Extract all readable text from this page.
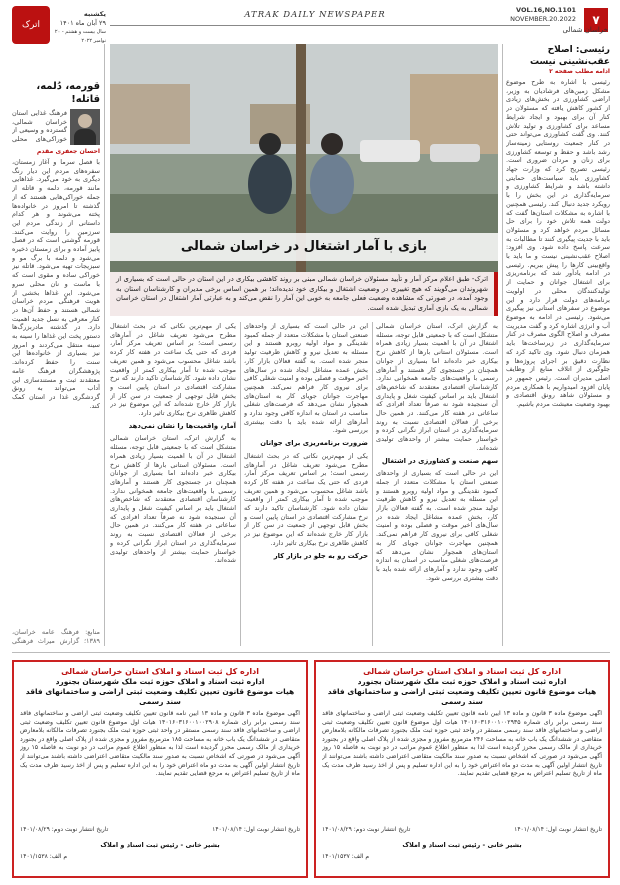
اترک
یکشنبه
۲۹ آبان ماه ۱۴۰۱
سال بیست و هشتم - ۲۰ نوامبر ۲۰۲۲
ATRAK DAILY NEWSPAPER	VOL.16,NO.1101
NOVEMBER.20.2022	۷
خراسان شمالی
رئیسی: اصلاح عقب‌نشینی نیست
ادامه مطلب صفحه ۲
رئیسی با اشاره به طرح موضوع مشکل زمین‌های فرشادیان به وزیر، اراضی کشاورزی در بخش‌های زیادی از کشور کاهش یافته که مسئولان در کنار آن برای بهبود و ایجاد شرایط مساعد برای کشاورزی و تولید تلاش کنند. وی گفت کشاورزی می‌تواند حتی در کنار جمعیت روستایی زمینه‌ساز رشد باشد و حفظ و توسعه کشاورزی برای زنان و مردان ضروری است. رئیسی تصریح کرد که وزارت جهاد کشاورزی باید سیاست‌های حمایتی داشته باشد و شرایط کشاورزی و سرمایه‌گذاری در این بخش را با رویکرد جدید دنبال کند. رئیسی همچنین با اشاره به مشکلات استان‌ها گفت که دولت همه تلاش خود را برای حل مسائل مردم خواهد کرد و مسئولان باید با جدیت پیگیری کنند تا مطالبات به سرعت پاسخ داده شود. وی افزود: اصلاح عقب‌نشینی نیست و ما باید با واقع‌بینی کارها را پیش ببریم. رئیسی در ادامه یادآور شد که برنامه‌ریزی برای اشتغال جوانان و حمایت از تولیدکنندگان محلی در اولویت برنامه‌های دولت قرار دارد و این موضوع در سفرهای استانی نیز پیگیری می‌شود. رئیسی در ادامه به موضوع آب و انرژی اشاره کرد و گفت مدیریت مصرف و اصلاح الگوی مصرف در کنار سرمایه‌گذاری در زیرساخت‌ها باید همزمان دنبال شود. وی تاکید کرد که نظارت دقیق بر اجرای پروژه‌ها و جلوگیری از اتلاف منابع از وظایف اصلی مدیران است. رئیس جمهور در پایان افزود امیدواریم با همکاری مردم و مسئولان شاهد رونق اقتصادی و بهبود وضعیت معیشت مردم باشیم.
بازی با آمار اشتغال در خراسان شمالی
اترک- طبق اعلام مرکز آمار و تأیید مسئولان خراسان شمالی مبنی بر روند کاهشی بیکاری در این استان در حالی است که بسیاری از شهروندان می‌گویند که هیچ تغییری در وضعیت اشتغال و بیکاری خود ندیده‌اند؛ بر همین اساس برخی مدیران و کارشناسان استان به وجود آمده، در صورتی که مشاهده وضعیت فعلی جامعه به خوبی این آمار را نقض می‌کند و به عبارتی آمار اشتغال در استان خراسان شمالی به یک بازی آماری تبدیل شده است.
به گزارش اترک، استان خراسان شمالی متشکل است که با جمعیتی قابل توجه، مسئله اشتغال در آن با اهمیت بسیار زیادی همراه است. مسئولان استانی بارها از کاهش نرخ بیکاری خبر داده‌اند اما بسیاری از جوانان همچنان در جستجوی کار هستند و آمارهای رسمی با واقعیت‌های جامعه همخوانی ندارد. کارشناسان اقتصادی معتقدند که شاخص‌های اشتغال باید بر اساس کیفیت شغل و پایداری آن سنجیده شود نه صرفاً تعداد افرادی که ساعاتی در هفته کار می‌کنند. در همین حال برخی از فعالان اقتصادی نسبت به روند سرمایه‌گذاری در استان ابراز نگرانی کرده و خواستار حمایت بیشتر از واحدهای تولیدی شده‌اند.
سهم صنعت و کشاورزی در اشتغال
این در حالی است که بسیاری از واحدهای صنعتی استان با مشکلات متعدد از جمله کمبود نقدینگی و مواد اولیه روبرو هستند و این مسئله به تعدیل نیرو و کاهش ظرفیت تولید منجر شده است. به گفته فعالان بازار کار، بخش عمده مشاغل ایجاد شده در سال‌های اخیر موقت و فصلی بوده و امنیت شغلی کافی برای نیروی کار فراهم نمی‌کند. همچنین مهاجرت جوانان جویای کار به استان‌های همجوار نشان می‌دهد که فرصت‌های شغلی مناسب در استان به اندازه کافی وجود ندارد و آمارهای ارائه شده باید با دقت بیشتری بررسی شود.
این در حالی است که بسیاری از واحدهای صنعتی استان با مشکلات متعدد از جمله کمبود نقدینگی و مواد اولیه روبرو هستند و این مسئله به تعدیل نیرو و کاهش ظرفیت تولید منجر شده است. به گفته فعالان بازار کار، بخش عمده مشاغل ایجاد شده در سال‌های اخیر موقت و فصلی بوده و امنیت شغلی کافی برای نیروی کار فراهم نمی‌کند. همچنین مهاجرت جوانان جویای کار به استان‌های همجوار نشان می‌دهد که فرصت‌های شغلی مناسب در استان به اندازه کافی وجود ندارد و آمارهای ارائه شده باید با دقت بیشتری بررسی شود.
ضرورت برنامه‌ریزی برای جوانان
یکی از مهم‌ترین نکاتی که در بحث اشتغال مطرح می‌شود تعریف شاغل در آمارهای رسمی است؛ بر اساس تعریف مرکز آمار، فردی که حتی یک ساعت در هفته کار کرده باشد شاغل محسوب می‌شود و همین تعریف موجب شده تا آمار بیکاری کمتر از واقعیت نشان داده شود. کارشناسان تاکید دارند که نرخ مشارکت اقتصادی در استان پایین است و بخش قابل توجهی از جمعیت در سن کار از بازار کار خارج شده‌اند که این موضوع نیز در کاهش ظاهری نرخ بیکاری تاثیر دارد.
حرکت رو به جلو در بازار کار
یکی از مهم‌ترین نکاتی که در بحث اشتغال مطرح می‌شود تعریف شاغل در آمارهای رسمی است؛ بر اساس تعریف مرکز آمار، فردی که حتی یک ساعت در هفته کار کرده باشد شاغل محسوب می‌شود و همین تعریف موجب شده تا آمار بیکاری کمتر از واقعیت نشان داده شود. کارشناسان تاکید دارند که نرخ مشارکت اقتصادی در استان پایین است و بخش قابل توجهی از جمعیت در سن کار از بازار کار خارج شده‌اند که این موضوع نیز در کاهش ظاهری نرخ بیکاری تاثیر دارد.
آمار، واقعیت‌ها را نشان نمی‌دهد
به گزارش اترک، استان خراسان شمالی متشکل است که با جمعیتی قابل توجه، مسئله اشتغال در آن با اهمیت بسیار زیادی همراه است. مسئولان استانی بارها از کاهش نرخ بیکاری خبر داده‌اند اما بسیاری از جوانان همچنان در جستجوی کار هستند و آمارهای رسمی با واقعیت‌های جامعه همخوانی ندارد. کارشناسان اقتصادی معتقدند که شاخص‌های اشتغال باید بر اساس کیفیت شغل و پایداری آن سنجیده شود نه صرفاً تعداد افرادی که ساعاتی در هفته کار می‌کنند. در همین حال برخی از فعالان اقتصادی نسبت به روند سرمایه‌گذاری در استان ابراز نگرانی کرده و خواستار حمایت بیشتر از واحدهای تولیدی شده‌اند.
قورمه، دُلمه، قاتله!
فرهنگ غذایی استان خراسان شمالی، گسترده و وسیعی از خوراکی‌های محلی
احسان جعفری مقدم
با فصل سرما و آغاز زمستان، سفره‌های مردم این دیار رنگ دیگری به خود می‌گیرد. غذاهایی مانند قورمه، دلمه و قاتله از جمله خوراکی‌هایی هستند که از گذشته تا امروز در خانواده‌ها پخته می‌شوند و هر کدام داستانی از زندگی مردم این سرزمین را روایت می‌کنند. قورمه گوشتی است که در فصل پاییز آماده و برای زمستان ذخیره می‌شود و دلمه با برگ مو و سبزیجات تهیه می‌شود. قاتله نیز خوراکی ساده و مقوی است که با ماست و نان محلی سرو می‌شود. این غذاها بخشی از هویت فرهنگی مردم خراسان شمالی هستند و حفظ آن‌ها در کنار معرفی به نسل جدید اهمیت دارد. در گذشته مادربزرگ‌ها دستور پخت این غذاها را سینه به سینه منتقل می‌کردند و امروز نیز بسیاری از خانواده‌ها این سنت را حفظ کرده‌اند. پژوهشگران فرهنگ عامه معتقدند ثبت و مستندسازی این آداب می‌تواند به رونق گردشگری غذا در استان کمک کند.
منابع: فرهنگ عامه خراسان، ۱۳۸۹؛ گزارش میراث فرهنگی
اداره کل ثبت اسناد و املاک استان خراسان شمالی
اداره ثبت اسناد و املاک حوزه ثبت ملک شهرستان بجنورد
هیات موضوع قانون تعیین تکلیف وضعیت ثبتی اراضی و ساختمانهای فاقد سند رسمی
آگهی موضوع ماده ۳ قانون و ماده ۱۳ آیین نامه قانون تعیین تکلیف وضعیت ثبتی اراضی و ساختمانهای فاقد سند رسمی برابر رای شماره ۱۴۰۱۶۰۳۱۶۰۰۱۰۰۲۹۳۵ هیات اول موضوع قانون تعیین تکلیف وضعیت ثبتی اراضی و ساختمانهای فاقد سند رسمی مستقر در واحد ثبتی حوزه ثبت ملک بجنورد تصرفات مالکانه بلامعارض متقاضی در ششدانگ یک باب خانه به مساحت ۲۴۶ مترمربع مفروز و مجزی شده از پلاک اصلی واقع در بجنورد خریداری از مالک رسمی محرز گردیده است لذا به منظور اطلاع عموم مراتب در دو نوبت به فاصله ۱۵ روز آگهی می‌شود در صورتی که اشخاص نسبت به صدور سند مالکیت متقاضی اعتراضی داشته باشند می‌توانند از تاریخ انتشار اولین آگهی به مدت دو ماه اعتراض خود را به این اداره تسلیم و پس از اخذ رسید ظرف مدت یک ماه از تاریخ تسلیم اعتراض به مرجع قضایی تقدیم نمایند.
تاریخ انتشار نوبت اول: ۱۴۰۱/۰۸/۱۴
تاریخ انتشار نوبت دوم: ۱۴۰۱/۰۸/۲۹
بشیر خانی - رئیس ثبت اسناد و املاک
م الف: ۱۴۰۱/۱۵۳۷
اداره کل ثبت اسناد و املاک استان خراسان شمالی
اداره ثبت اسناد و املاک حوزه ثبت ملک شهرستان بجنورد
هیات موضوع قانون تعیین تکلیف وضعیت ثبتی اراضی و ساختمانهای فاقد سند رسمی
آگهی موضوع ماده ۳ قانون و ماده ۱۳ آیین نامه قانون تعیین تکلیف وضعیت ثبتی اراضی و ساختمانهای فاقد سند رسمی برابر رای شماره ۱۴۰۱۶۰۳۱۶۰۰۱۰۰۲۹۰۸ هیات اول موضوع قانون تعیین تکلیف وضعیت ثبتی اراضی و ساختمانهای فاقد سند رسمی مستقر در واحد ثبتی حوزه ثبت ملک بجنورد تصرفات مالکانه بلامعارض متقاضی در ششدانگ یک باب خانه به مساحت ۱۸۵ مترمربع مفروز و مجزی شده از پلاک اصلی واقع در بجنورد خریداری از مالک رسمی محرز گردیده است لذا به منظور اطلاع عموم مراتب در دو نوبت به فاصله ۱۵ روز آگهی می‌شود در صورتی که اشخاص نسبت به صدور سند مالکیت متقاضی اعتراضی داشته باشند می‌توانند از تاریخ انتشار اولین آگهی به مدت دو ماه اعتراض خود را به این اداره تسلیم و پس از اخذ رسید ظرف مدت یک ماه از تاریخ تسلیم اعتراض به مرجع قضایی تقدیم نمایند.
تاریخ انتشار نوبت اول: ۱۴۰۱/۰۸/۱۴
تاریخ انتشار نوبت دوم: ۱۴۰۱/۰۸/۲۹
بشیر خانی - رئیس ثبت اسناد و املاک
م الف: ۱۴۰۱/۱۵۳۸
